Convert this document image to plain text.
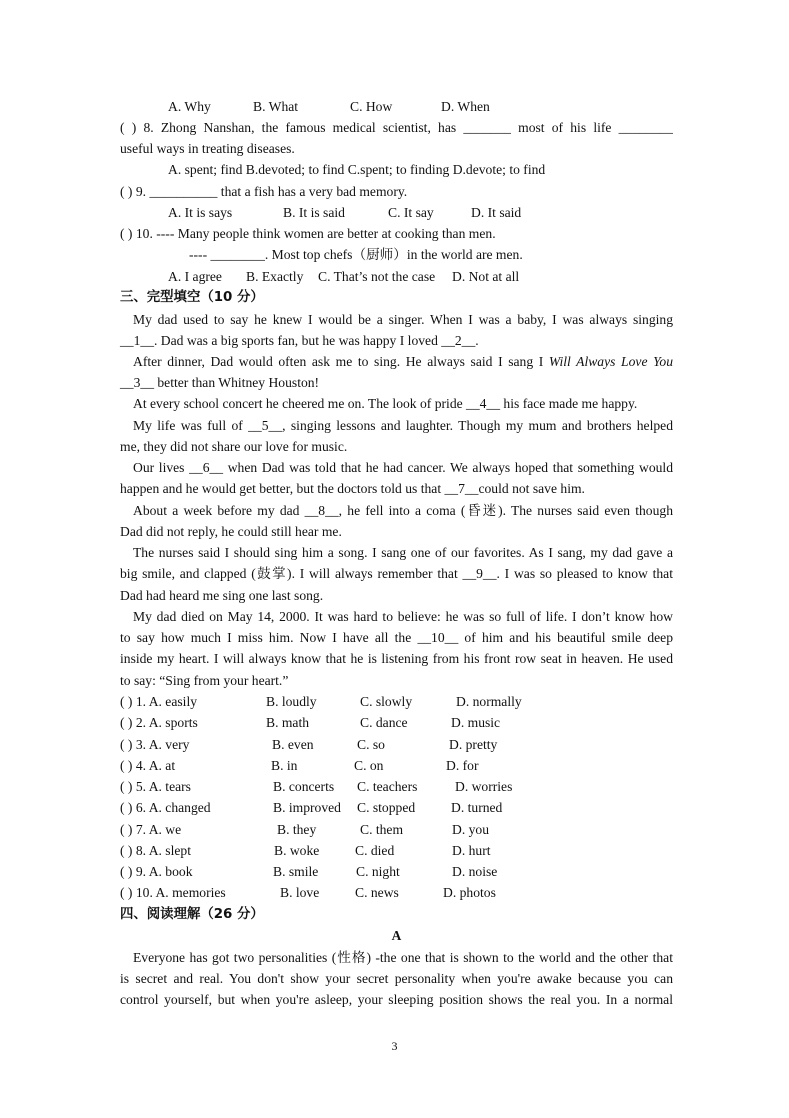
A. Why	B. What	C. How	D. When
( ) 8. Zhong Nanshan, the famous medical scientist, has _______ most of his life ________
useful ways in treating diseases.
A. spent; find B.devoted; to find C.spent; to finding D.devote; to find
( ) 9. __________ that a fish has a very bad memory.
A. It is says	B. It is said	C. It say	D. It said
( ) 10. ---- Many people think women are better at cooking than men.
---- ________. Most top chefs（厨师）in the world are men.
A. I agree B. Exactly C. That’s not the case D. Not at all
三、完型填空（10 分）
My dad used to say he knew I would be a singer. When I was a baby, I was always singing
__1__. Dad was a big sports fan, but he was happy I loved __2__.
After dinner, Dad would often ask me to sing. He always said I sang I Will Always Love You
__3__ better than Whitney Houston!
At every school concert he cheered me on. The look of pride __4__ his face made me happy.
My life was full of __5__, singing lessons and laughter. Though my mum and brothers helped
me, they did not share our love for music.
Our lives __6__ when Dad was told that he had cancer. We always hoped that something would
happen and he would get better, but the doctors told us that __7__could not save him.
About a week before my dad __8__, he fell into a coma (昏迷). The nurses said even though
Dad did not reply, he could still hear me.
The nurses said I should sing him a song. I sang one of our favorites. As I sang, my dad gave a
big smile, and clapped (鼓掌). I will always remember that __9__. I was so pleased to know that
Dad had heard me sing one last song.
My dad died on May 14, 2000. It was hard to believe: he was so full of life. I don’t know how
to say how much I miss him. Now I have all the __10__ of him and his beautiful smile deep
inside my heart. I will always know that he is listening from his front row seat in heaven. He used
to say: “Sing from your heart.”
( ) 1. A. easily	B. loudly	C. slowly	D. normally
( ) 2. A. sports	B. math	C. dance	D. music
( ) 3. A. very	B. even	C. so	D. pretty
( ) 4. A. at	B. in	C. on	D. for
( ) 5. A. tears	B. concerts C. teachers	D. worries
( ) 6. A. changed	B. improved C. stopped	D. turned
( ) 7. A. we	B. they	C. them	D. you
( ) 8. A. slept	B. woke	C. died	D. hurt
( ) 9. A. book	B. smile	C. night	D. noise
( ) 10. A. memories	B. love	C. news	D. photos
四、阅读理解（26 分）
A
Everyone has got two personalities (性格) -the one that is shown to the world and the other that
is secret and real. You don't show your secret personality when you're awake because you can
control yourself, but when you're asleep, your sleeping position shows the real you. In a normal
3
